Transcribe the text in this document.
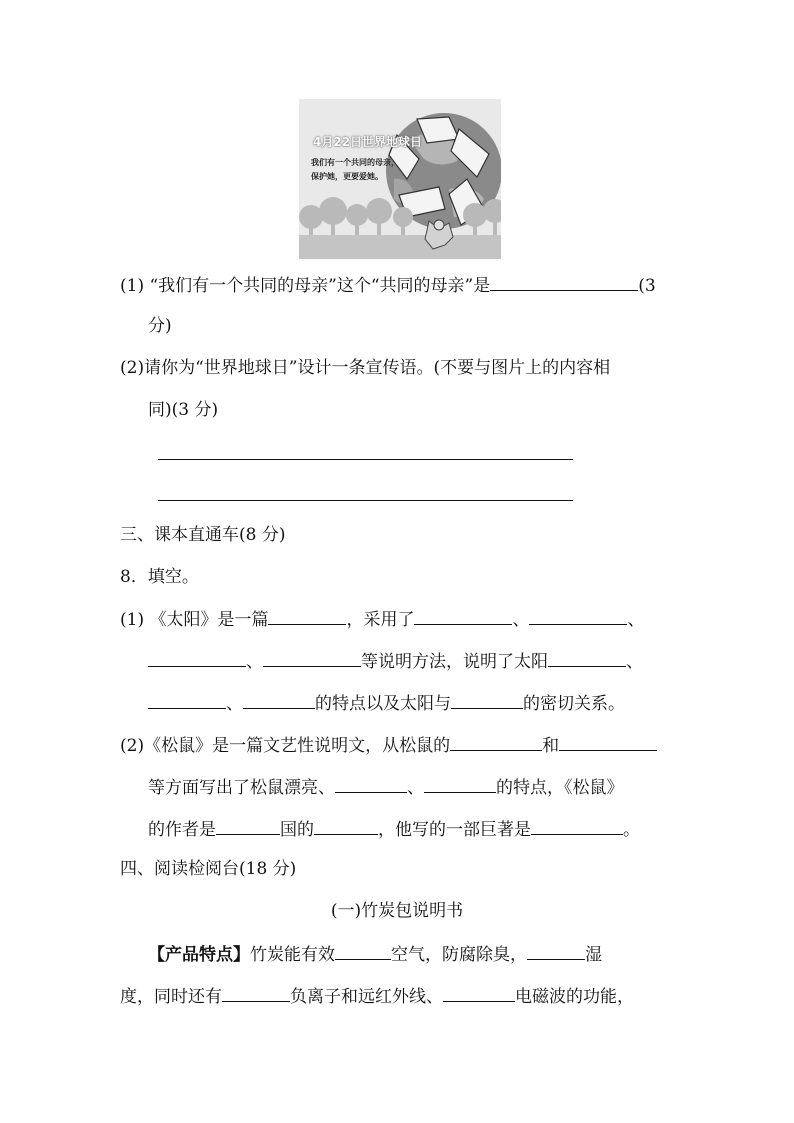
4月22日世界地球日
我们有一个共同的母亲，
保护她，更要爱她。
(1) “我们有一个共同的母亲”这个“共同的母亲”是	(3
分)
(2)请你为“世界地球日”设计一条宣传语。(不要与图片上的内容相
同)(3 分)
三、课本直通车(8 分)
8．填空。
(1) 《太阳》是一篇	，采用了	、	、
、	等说明方法，说明了太阳	、
、	的特点以及太阳与	的密切关系。
(2)《松鼠》是一篇文艺性说明文，从松鼠的	和
等方面写出了松鼠漂亮、	、	的特点，《松鼠》
的作者是	国的	，他写的一部巨著是	。
四、阅读检阅台(18 分)
(一)竹炭包说明书
【产品特点】竹炭能有效	空气，防腐除臭，	湿
度，同时还有	负离子和远红外线、	电磁波的功能，
